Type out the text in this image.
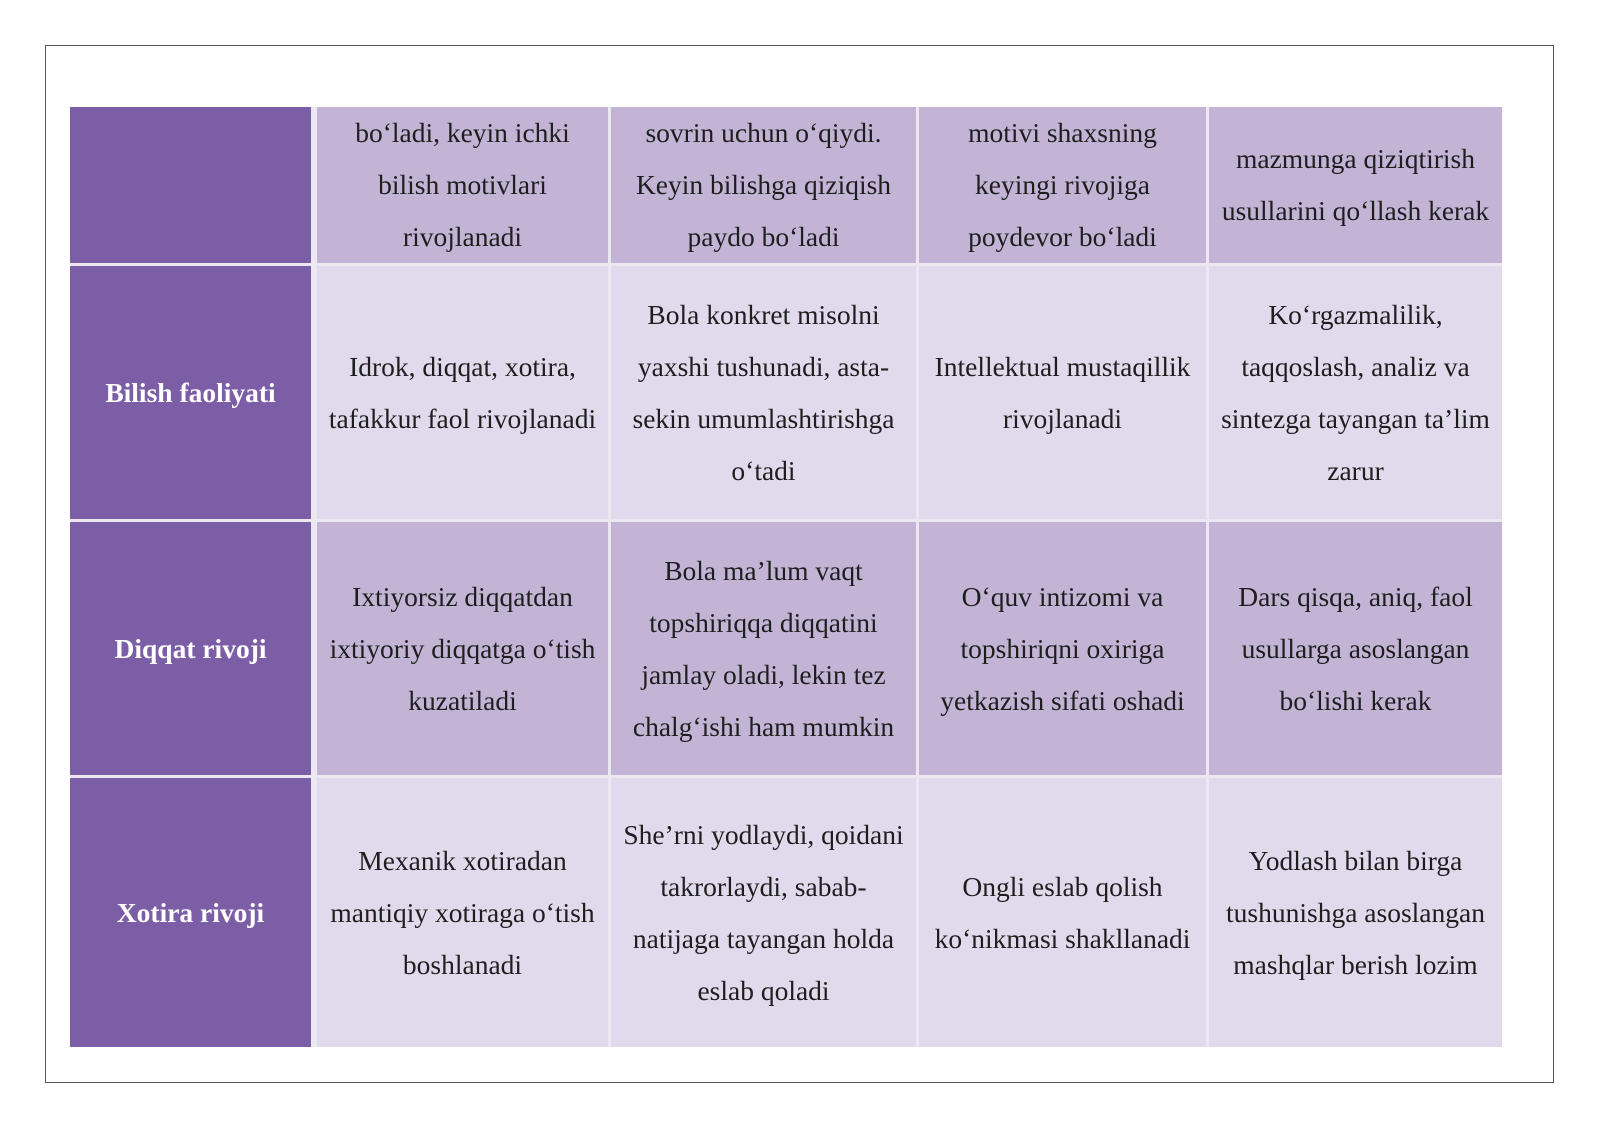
	bo‘ladi, keyin ichki bilish motivlari rivojlanadi	sovrin uchun o‘qiydi. Keyin bilishga qiziqish paydo bo‘ladi	motivi shaxsning keyingi rivojiga poydevor bo‘ladi	mazmunga qiziqtirish usullarini qo‘llash kerak

Bilish faoliyati	Idrok, diqqat, xotira, tafakkur faol rivojlanadi	Bola konkret misolni yaxshi tushunadi, asta-sekin umumlashtirishga o‘tadi	Intellektual mustaqillik rivojlanadi	Ko‘rgazmalilik, taqqoslash, analiz va sintezga tayangan ta’lim zarur

Diqqat rivoji	Ixtiyorsiz diqqatdan ixtiyoriy diqqatga o‘tish kuzatiladi	Bola ma’lum vaqt topshiriqqa diqqatini jamlay oladi, lekin tez chalg‘ishi ham mumkin	O‘quv intizomi va topshiriqni oxiriga yetkazish sifati oshadi	Dars qisqa, aniq, faol usullarga asoslangan bo‘lishi kerak

Xotira rivoji	Mexanik xotiradan mantiqiy xotiraga o‘tish boshlanadi	She’rni yodlaydi, qoidani takrorlaydi, sabab-natijaga tayangan holda eslab qoladi	Ongli eslab qolish ko‘nikmasi shakllanadi	Yodlash bilan birga tushunishga asoslangan mashqlar berish lozim
